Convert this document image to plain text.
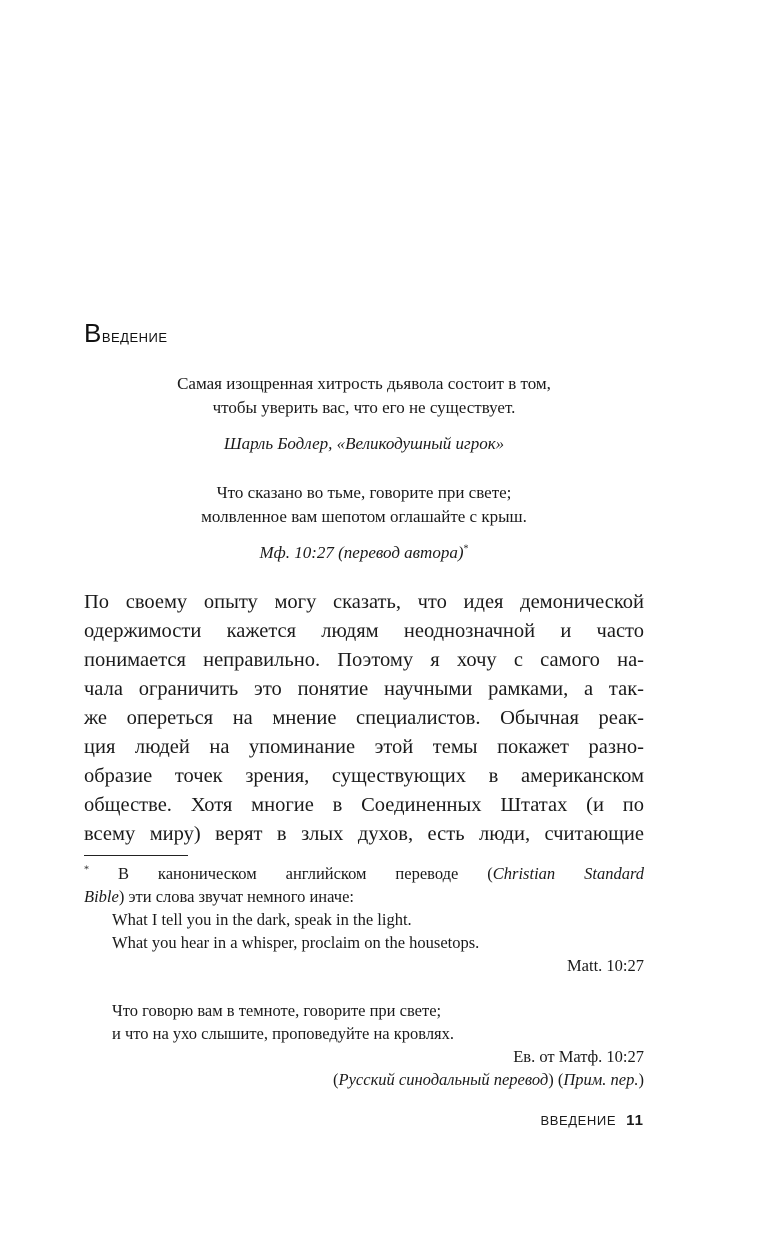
Введение
Самая изощренная хитрость дьявола состоит в том,
чтобы уверить вас, что его не существует.
Шарль Бодлер, «Великодушный игрок»
Что сказано во тьме, говорите при свете;
молвленное вам шепотом оглашайте с крыш.
Мф. 10:27 (перевод автора)*
По своему опыту могу сказать, что идея демонической
одержимости кажется людям неоднозначной и часто
понимается неправильно. Поэтому я хочу с самого на-
чала ограничить это понятие научными рамками, а так-
же опереться на мнение специалистов. Обычная реак-
ция людей на упоминание этой темы покажет разно-
образие точек зрения, существующих в американском
обществе. Хотя многие в Соединенных Штатах (и по
всему миру) верят в злых духов, есть люди, считающие
* В каноническом английском переводе (Christian Standard
Bible) эти слова звучат немного иначе:
What I tell you in the dark, speak in the light.
What you hear in a whisper, proclaim on the housetops.
Matt. 10:27
Что говорю вам в темноте, говорите при свете;
и что на ухо слышите, проповедуйте на кровлях.
Ев. от Матф. 10:27
(Русский синодальный перевод) (Прим. пер.)
ВВЕДЕНИЕ 11
